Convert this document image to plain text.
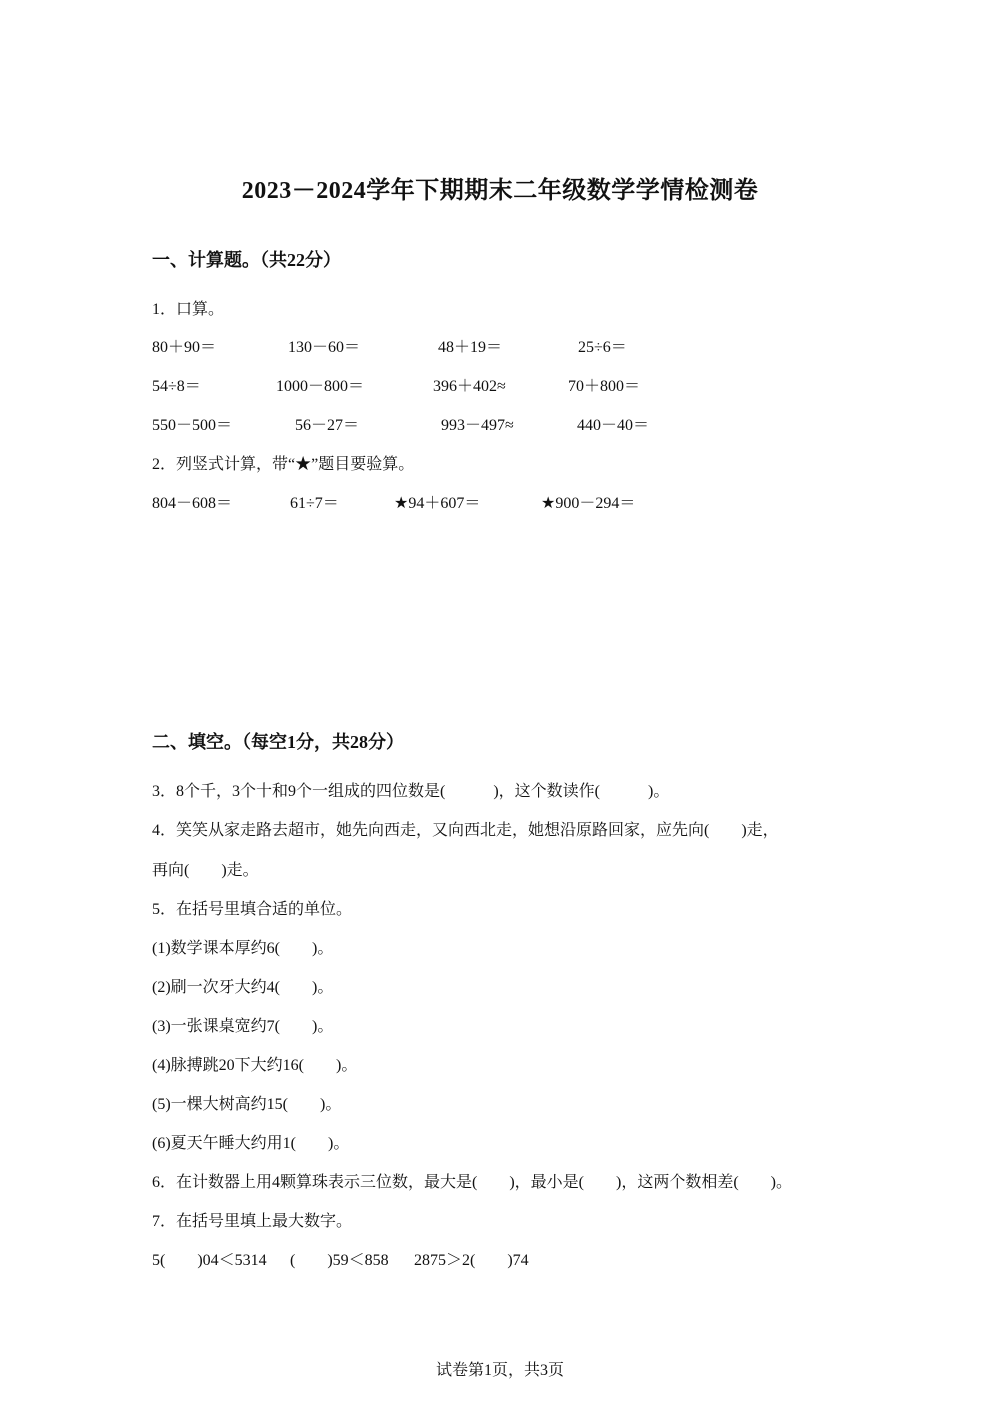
2023－2024学年下期期末二年级数学学情检测卷
一、计算题。（共22分）
1．口算。
80＋90＝	130－60＝	48＋19＝	25÷6＝
54÷8＝	1000－800＝	396＋402≈	70＋800＝
550－500＝	56－27＝	993－497≈	440－40＝
2．列竖式计算，带“★”题目要验算。
804－608＝	61÷7＝	★94＋607＝	★900－294＝
二、填空。（每空1分，共28分）
3．8个千，3个十和9个一组成的四位数是(　　　)，这个数读作(　　　)。
4．笑笑从家走路去超市，她先向西走，又向西北走，她想沿原路回家，应先向(　　)走，
再向(　　)走。
5．在括号里填合适的单位。
(1)数学课本厚约6(　　)。
(2)刷一次牙大约4(　　)。
(3)一张课桌宽约7(　　)。
(4)脉搏跳20下大约16(　　)。
(5)一棵大树高约15(　　)。
(6)夏天午睡大约用1(　　)。
6．在计数器上用4颗算珠表示三位数，最大是(　　)，最小是(　　)，这两个数相差(　　)。
7．在括号里填上最大数字。
5(　　)04＜5314 (　　)59＜858 2875＞2(　　)74
试卷第1页，共3页
